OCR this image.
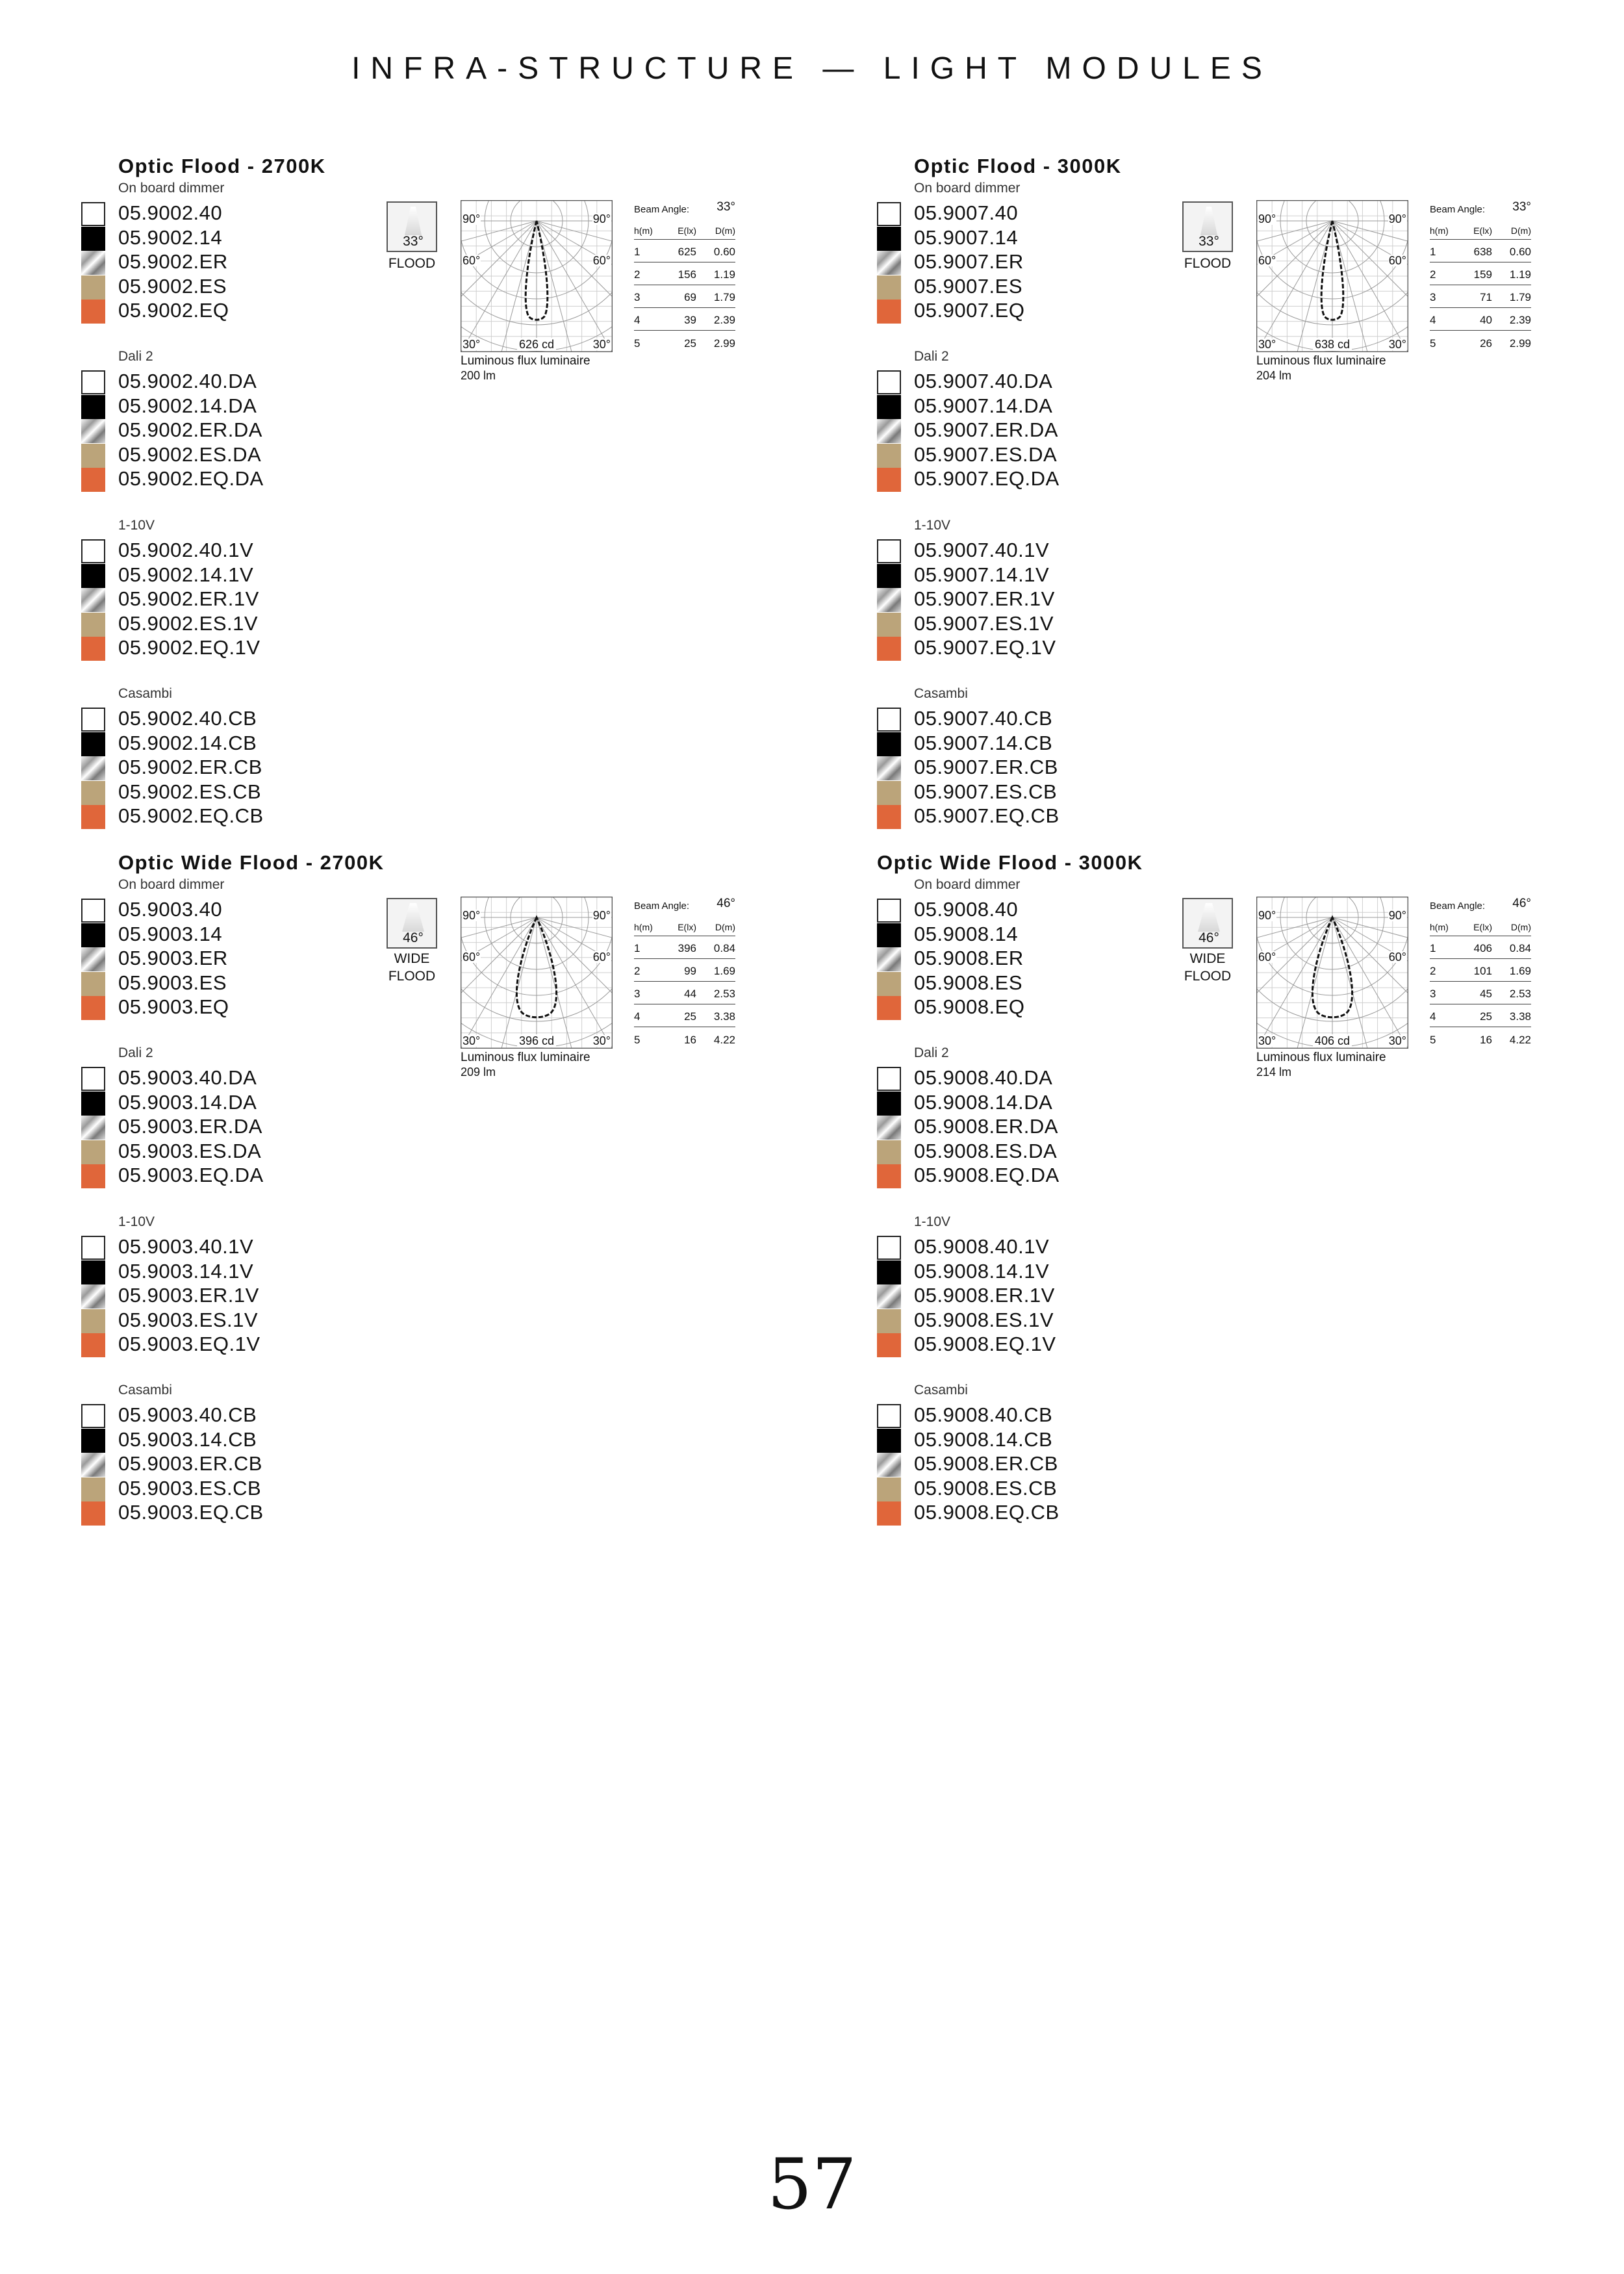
INFRA-STRUCTURE — LIGHT MODULES
Optic Flood - 2700K
On board dimmer
05.9002.40
05.9002.14
05.9002.ER
05.9002.ES
05.9002.EQ
Dali 2
05.9002.40.DA
05.9002.14.DA
05.9002.ER.DA
05.9002.ES.DA
05.9002.EQ.DA
1-10V
05.9002.40.1V
05.9002.14.1V
05.9002.ER.1V
05.9002.ES.1V
05.9002.EQ.1V
Casambi
05.9002.40.CB
05.9002.14.CB
05.9002.ER.CB
05.9002.ES.CB
05.9002.EQ.CB
33°
FLOOD
90°	90°
60°	60°
30°	30°
626 cd
Luminous flux luminaire
200 lm
Beam Angle: 33°
h(m)	E(lx) D(m)
1	625 0.60
2	156 1.19
3	69 1.79
4	39 2.39
5	25 2.99
Optic Flood - 3000K
On board dimmer
05.9007.40
05.9007.14
05.9007.ER
05.9007.ES
05.9007.EQ
Dali 2
05.9007.40.DA
05.9007.14.DA
05.9007.ER.DA
05.9007.ES.DA
05.9007.EQ.DA
1-10V
05.9007.40.1V
05.9007.14.1V
05.9007.ER.1V
05.9007.ES.1V
05.9007.EQ.1V
Casambi
05.9007.40.CB
05.9007.14.CB
05.9007.ER.CB
05.9007.ES.CB
05.9007.EQ.CB
33°
FLOOD
90°	90°
60°	60°
30°	30°
638 cd
Luminous flux luminaire
204 lm
Beam Angle: 33°
h(m)	E(lx) D(m)
1	638 0.60
2	159 1.19
3	71 1.79
4	40 2.39
5	26 2.99
Optic Wide Flood - 2700K
On board dimmer
05.9003.40
05.9003.14
05.9003.ER
05.9003.ES
05.9003.EQ
Dali 2
05.9003.40.DA
05.9003.14.DA
05.9003.ER.DA
05.9003.ES.DA
05.9003.EQ.DA
1-10V
05.9003.40.1V
05.9003.14.1V
05.9003.ER.1V
05.9003.ES.1V
05.9003.EQ.1V
Casambi
05.9003.40.CB
05.9003.14.CB
05.9003.ER.CB
05.9003.ES.CB
05.9003.EQ.CB
46°
WIDE FLOOD
90°	90°
60°	60°
30°	30°
396 cd
Luminous flux luminaire
209 lm
Beam Angle: 46°
h(m)	E(lx) D(m)
1	396 0.84
2	99 1.69
3	44 2.53
4	25 3.38
5	16 4.22
Optic Wide Flood - 3000K
On board dimmer
05.9008.40
05.9008.14
05.9008.ER
05.9008.ES
05.9008.EQ
Dali 2
05.9008.40.DA
05.9008.14.DA
05.9008.ER.DA
05.9008.ES.DA
05.9008.EQ.DA
1-10V
05.9008.40.1V
05.9008.14.1V
05.9008.ER.1V
05.9008.ES.1V
05.9008.EQ.1V
Casambi
05.9008.40.CB
05.9008.14.CB
05.9008.ER.CB
05.9008.ES.CB
05.9008.EQ.CB
46°
WIDE FLOOD
90°	90°
60°	60°
30°	30°
406 cd
Luminous flux luminaire
214 lm
Beam Angle: 46°
h(m)	E(lx) D(m)
1	406 0.84
2	101 1.69
3	45 2.53
4	25 3.38
5	16 4.22
57
